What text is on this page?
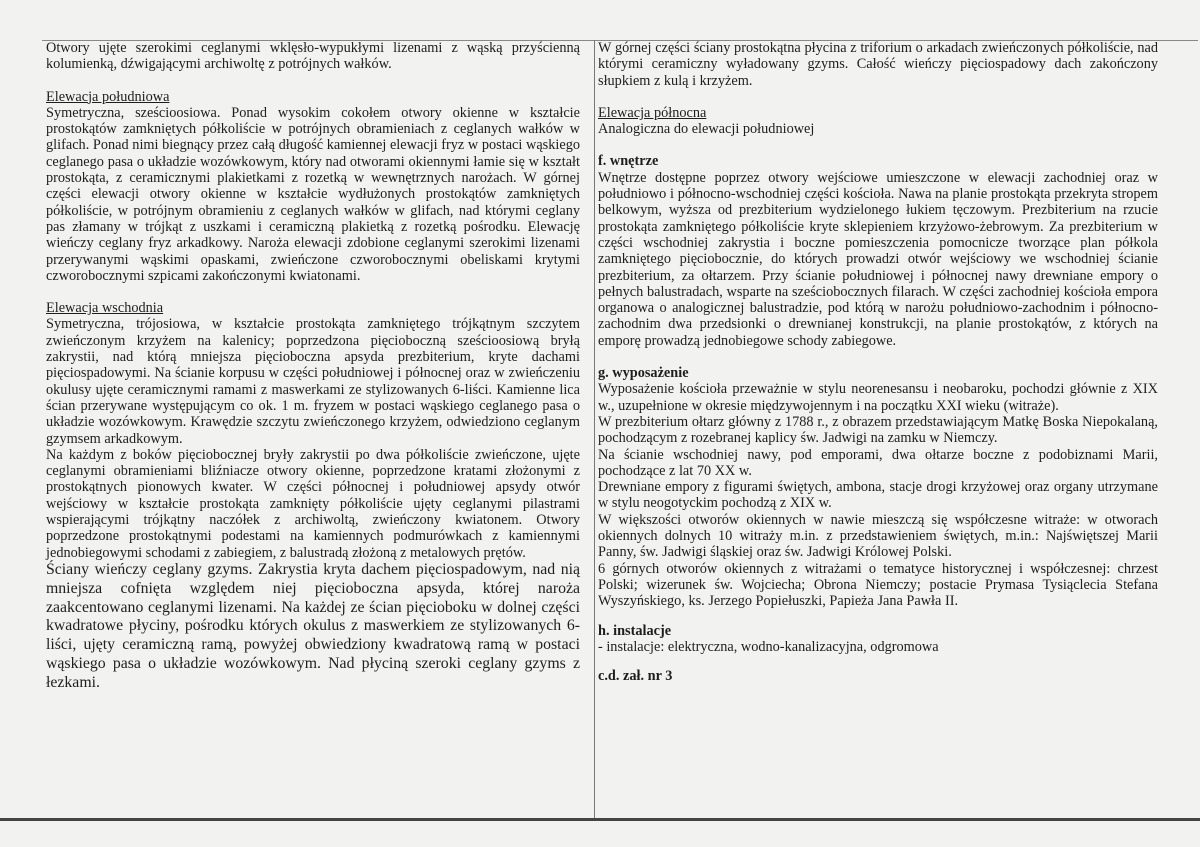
Otwory ujęte szerokimi ceglanymi wklęsło-wypukłymi lizenami z wąską przyścienną kolumienką, dźwigającymi archiwoltę z potrójnych wałków.

Elewacja południowa

Symetryczna, sześcioosiowa. Ponad wysokim cokołem otwory okienne w kształcie prostokątów zamkniętych półkoliście w potrójnych obramieniach z ceglanych wałków w glifach. Ponad nimi biegnący przez całą długość kamiennej elewacji fryz w postaci wąskiego ceglanego pasa o układzie wozówkowym, który nad otworami okiennymi łamie się w kształt prostokąta, z ceramicznymi plakietkami z rozetką w wewnętrznych narożach. W górnej części elewacji otwory okienne w kształcie wydłużonych prostokątów zamkniętych półkoliście, w potrójnym obramieniu z ceglanych wałków w glifach, nad którymi ceglany pas złamany w trójkąt z uszkami i ceramiczną plakietką z rozetką pośrodku. Elewację wieńczy ceglany fryz arkadkowy. Naroża elewacji zdobione ceglanymi szerokimi lizenami przerywanymi wąskimi opaskami, zwieńczone czworobocznymi obeliskami krytymi czworobocznymi szpicami zakończonymi kwiatonami.

Elewacja wschodnia

Symetryczna, trójosiowa, w kształcie prostokąta zamkniętego trójkątnym szczytem zwieńczonym krzyżem na kalenicy; poprzedzona pięcioboczną sześcioosiową bryłą zakrystii, nad którą mniejsza pięcioboczna apsyda prezbiterium, kryte dachami pięciospadowymi. Na ścianie korpusu w części południowej i północnej oraz w zwieńczeniu okulusy ujęte ceramicznymi ramami z maswerkami ze stylizowanych 6-liści. Kamienne lica ścian przerywane występującym co ok. 1 m. fryzem w postaci wąskiego ceglanego pasa o układzie wozówkowym. Krawędzie szczytu zwieńczonego krzyżem, odwiedziono ceglanym gzymsem arkadkowym.

Na każdym z boków pięciobocznej bryły zakrystii po dwa półkoliście zwieńczone, ujęte ceglanymi obramieniami bliźniacze otwory okienne, poprzedzone kratami złożonymi z prostokątnych pionowych kwater. W części północnej i południowej apsydy otwór wejściowy w kształcie prostokąta zamknięty półkoliście ujęty ceglanymi pilastrami wspierającymi trójkątny naczółek z archiwoltą, zwieńczony kwiatonem. Otwory poprzedzone prostokątnymi podestami na kamiennych podmurówkach z kamiennymi jednobiegowymi schodami z zabiegiem, z balustradą złożoną z metalowych prętów.

Ściany wieńczy ceglany gzyms. Zakrystia kryta dachem pięciospadowym, nad nią mniejsza cofnięta względem niej pięcioboczna apsyda, której naroża zaakcentowano ceglanymi lizenami. Na każdej ze ścian pięcioboku w dolnej części kwadratowe płyciny, pośrodku których okulus z maswerkiem ze stylizowanych 6-liści, ujęty ceramiczną ramą, powyżej obwiedziony kwadratową ramą w postaci wąskiego pasa o układzie wozówkowym. Nad płyciną szeroki ceglany gzyms z łezkami.

W górnej części ściany prostokątna płycina z triforium o arkadach zwieńczonych półkoliście, nad którymi ceramiczny wyładowany gzyms. Całość wieńczy pięciospadowy dach zakończony słupkiem z kulą i krzyżem.

Elewacja północna

Analogiczna do elewacji południowej

f. wnętrze

Wnętrze dostępne poprzez otwory wejściowe umieszczone w elewacji zachodniej oraz w południowo i północno-wschodniej części kościoła. Nawa na planie prostokąta przekryta stropem belkowym, wyższa od prezbiterium wydzielonego łukiem tęczowym. Prezbiterium na rzucie prostokąta zamkniętego półkoliście kryte sklepieniem krzyżowo-żebrowym. Za prezbiterium w części wschodniej zakrystia i boczne pomieszczenia pomocnicze tworzące plan półkola zamkniętego pięciobocznie, do których prowadzi otwór wejściowy we wschodniej ścianie prezbiterium, za ołtarzem. Przy ścianie południowej i północnej nawy drewniane empory o pełnych balustradach, wsparte na sześciobocznych filarach. W części zachodniej kościoła empora organowa o analogicznej balustradzie, pod którą w narożu południowo-zachodnim i północno-zachodnim dwa przedsionki o drewnianej konstrukcji, na planie prostokątów, z których na emporę prowadzą jednobiegowe schody zabiegowe.

g. wyposażenie

Wyposażenie kościoła przeważnie w stylu neorenesansu i neobaroku, pochodzi głównie z XIX w., uzupełnione w okresie międzywojennym i na początku XXI wieku (witraże).
W prezbiterium ołtarz główny z 1788 r., z obrazem przedstawiającym Matkę Boska Niepokalaną, pochodzącym z rozebranej kaplicy św. Jadwigi na zamku w Niemczy.
Na ścianie wschodniej nawy, pod emporami, dwa ołtarze boczne z podobiznami Marii, pochodzące z lat 70 XX w.
Drewniane empory z figurami świętych, ambona, stacje drogi krzyżowej oraz organy utrzymane w stylu neogotyckim pochodzą z XIX w.
W większości otworów okiennych w nawie mieszczą się współczesne witraże: w otworach okiennych dolnych 10 witraży m.in. z przedstawieniem świętych, m.in.: Najświętszej Marii Panny, św. Jadwigi śląskiej oraz św. Jadwigi Królowej Polski.
6 górnych otworów okiennych z witrażami o tematyce historycznej i współczesnej: chrzest Polski; wizerunek św. Wojciecha; Obrona Niemczy; postacie Prymasa Tysiąclecia Stefana Wyszyńskiego, ks. Jerzego Popiełuszki, Papieża Jana Pawła II.

h. instalacje

- instalacje: elektryczna, wodno-kanalizacyjna, odgromowa

c.d. zał. nr 3
